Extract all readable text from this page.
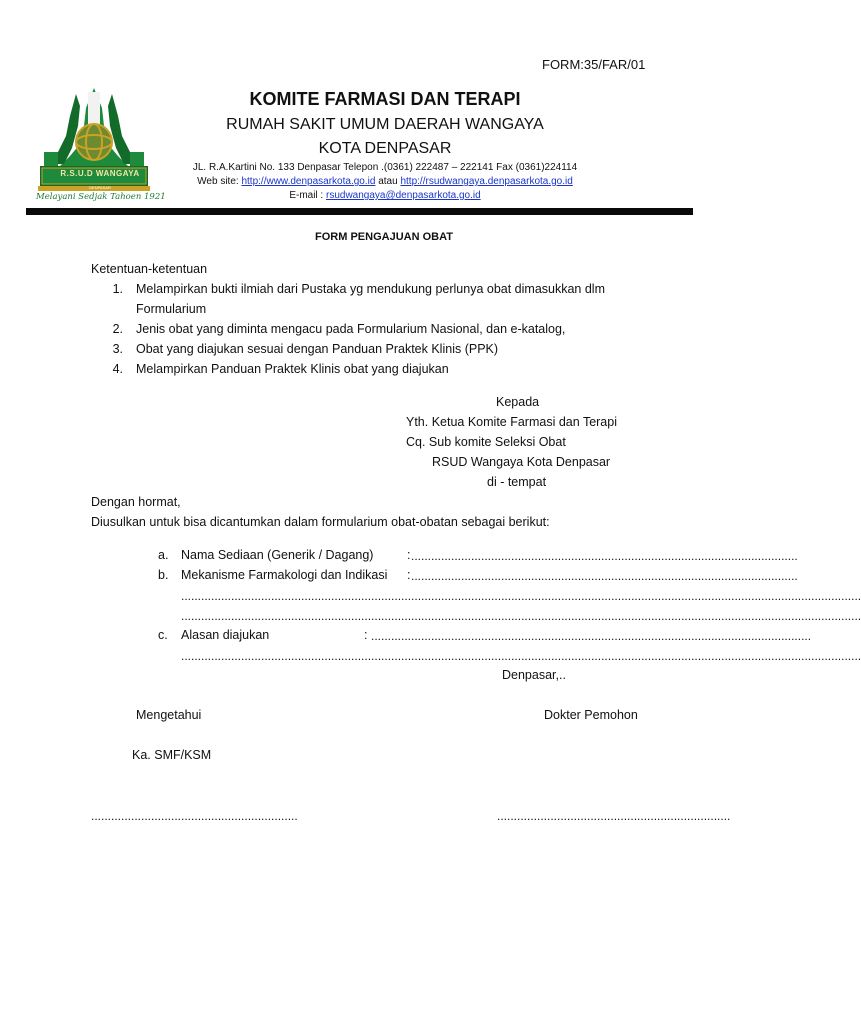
FORM:35/FAR/01
R.S.U.D WANGAYA
DENPASAR
Melayani Sedjak Tahoen 1921
KOMITE FARMASI DAN TERAPI
RUMAH SAKIT UMUM DAERAH WANGAYA
KOTA DENPASAR
JL. R.A.Kartini No. 133 Denpasar Telepon .(0361) 222487 – 222141 Fax (0361)224114
Web site: http://www.denpasarkota.go.id atau http://rsudwangaya.denpasarkota.go.id
E-mail : rsudwangaya@denpasarkota.go.id
FORM PENGAJUAN OBAT
Ketentuan-ketentuan
1. Melampirkan bukti ilmiah dari Pustaka yg mendukung perlunya obat dimasukkan dlm
Formularium
2. Jenis obat yang diminta mengacu pada Formularium Nasional, dan e-katalog,
3. Obat yang diajukan sesuai dengan Panduan Praktek Klinis (PPK)
4. Melampirkan Panduan Praktek Klinis obat yang diajukan
Kepada
Yth. Ketua Komite Farmasi dan Terapi
Cq. Sub komite Seleksi Obat
RSUD Wangaya Kota Denpasar
di - tempat
Dengan hormat,
Diusulkan untuk bisa dicantumkan dalam formularium obat-obatan sebagai berikut:
a. Nama Sediaan (Generik / Dagang)	: ....................................................................................................................
b. Mekanisme Farmakologi dan Indikasi : ....................................................................................................................
............................................................................................................................................................................................................
............................................................................................................................................................................................................
c. Alasan diajukan	: ....................................................................................................................................
............................................................................................................................................................................................................
Denpasar,..
Mengetahui	Dokter Pemohon
Ka. SMF/KSM
..............................................................	......................................................................
